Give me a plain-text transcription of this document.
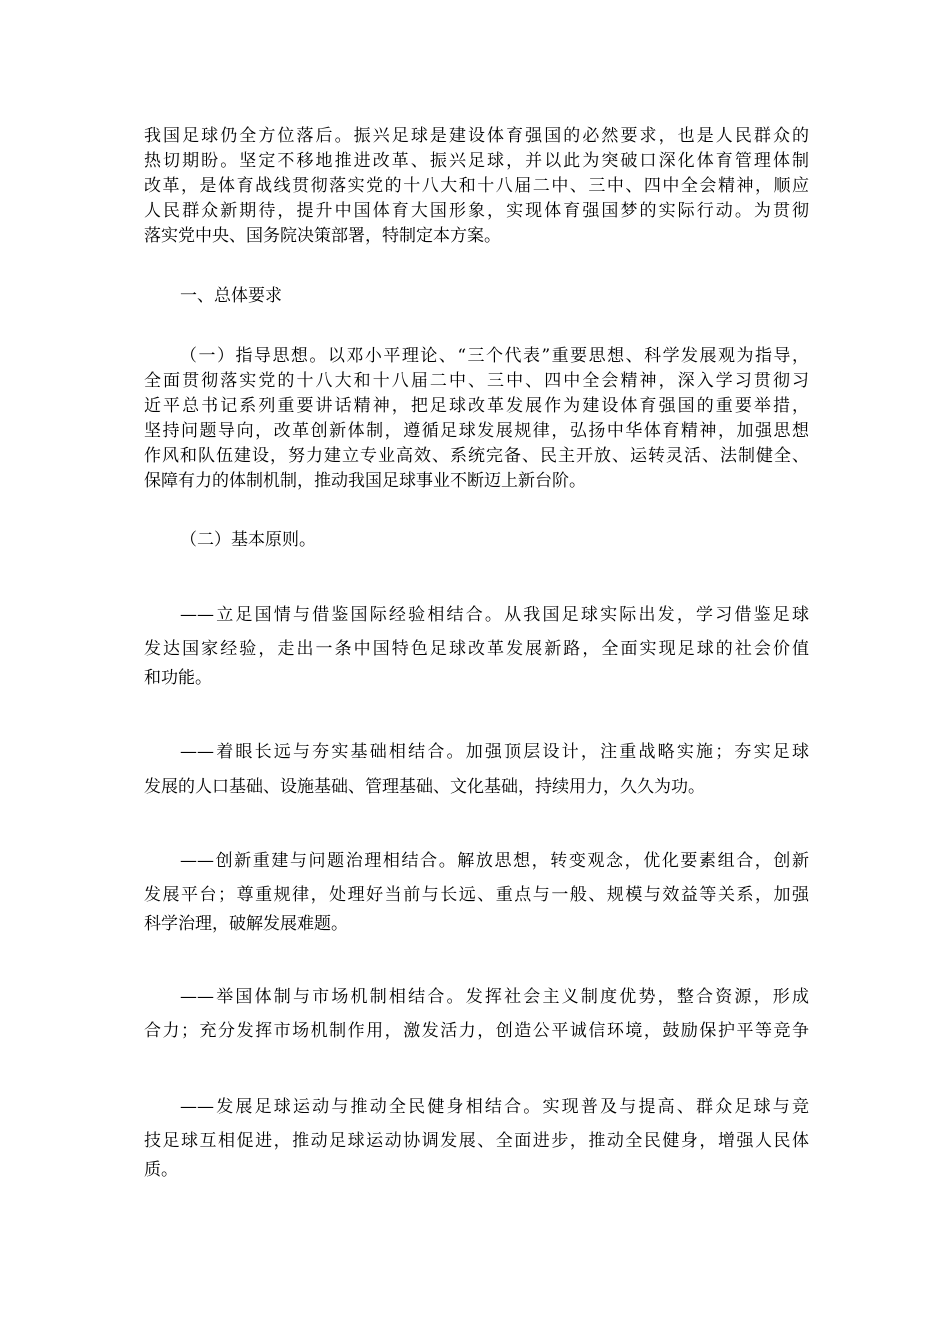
我国足球仍全方位落后。振兴足球是建设体育强国的必然要求，也是人民群众的
热切期盼。坚定不移地推进改革、振兴足球，并以此为突破口深化体育管理体制
改革，是体育战线贯彻落实党的十八大和十八届二中、三中、四中全会精神，顺应
人民群众新期待，提升中国体育大国形象，实现体育强国梦的实际行动。为贯彻
落实党中央、国务院决策部署，特制定本方案。
一、总体要求
（一）指导思想。以邓小平理论、“三个代表”重要思想、科学发展观为指导，
全面贯彻落实党的十八大和十八届二中、三中、四中全会精神，深入学习贯彻习
近平总书记系列重要讲话精神，把足球改革发展作为建设体育强国的重要举措，
坚持问题导向，改革创新体制，遵循足球发展规律，弘扬中华体育精神，加强思想
作风和队伍建设，努力建立专业高效、系统完备、民主开放、运转灵活、法制健全、
保障有力的体制机制，推动我国足球事业不断迈上新台阶。
（二）基本原则。
——立足国情与借鉴国际经验相结合。从我国足球实际出发，学习借鉴足球
发达国家经验，走出一条中国特色足球改革发展新路，全面实现足球的社会价值
和功能。
——着眼长远与夯实基础相结合。加强顶层设计，注重战略实施；夯实足球
发展的人口基础、设施基础、管理基础、文化基础，持续用力，久久为功。
——创新重建与问题治理相结合。解放思想，转变观念，优化要素组合，创新
发展平台；尊重规律，处理好当前与长远、重点与一般、规模与效益等关系，加强
科学治理，破解发展难题。
——举国体制与市场机制相结合。发挥社会主义制度优势，整合资源，形成
合力；充分发挥市场机制作用，激发活力，创造公平诚信环境，鼓励保护平等竞争
——发展足球运动与推动全民健身相结合。实现普及与提高、群众足球与竞
技足球互相促进，推动足球运动协调发展、全面进步，推动全民健身，增强人民体
质。
